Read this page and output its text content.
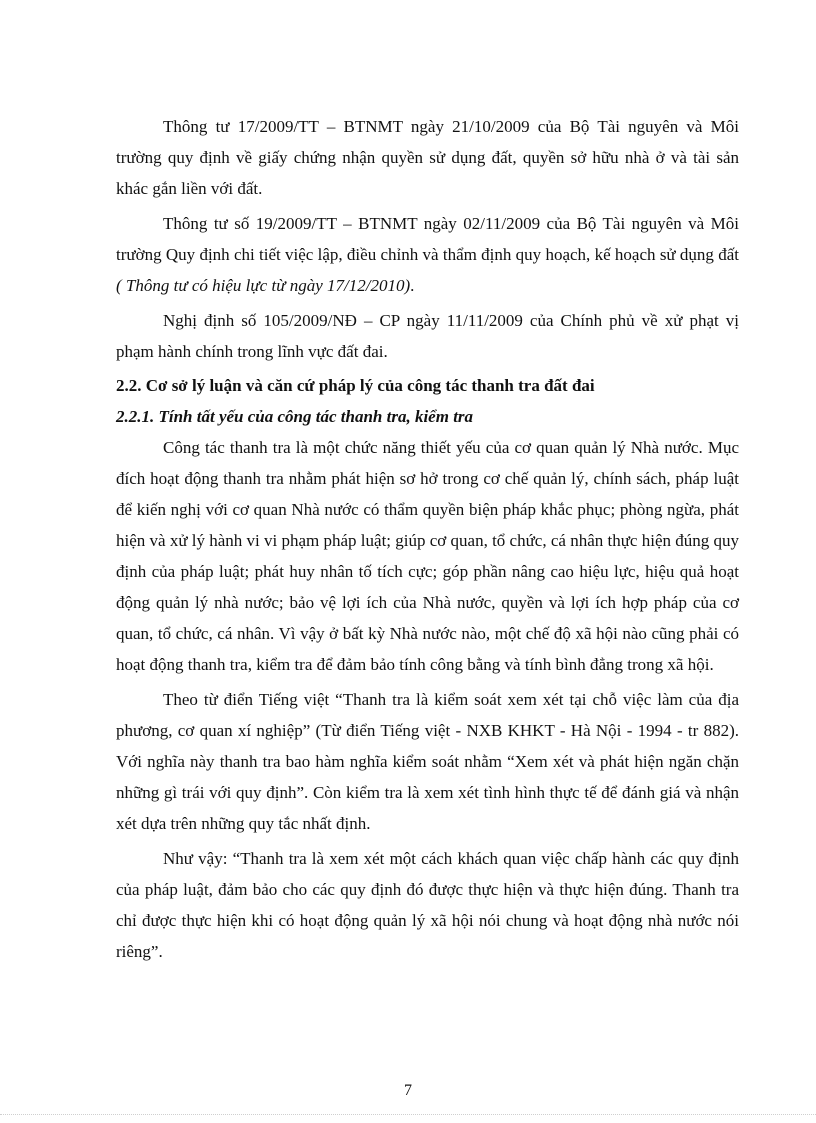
Thông tư 17/2009/TT – BTNMT ngày 21/10/2009 của Bộ Tài nguyên và Môi trường quy định về giấy chứng nhận quyền sử dụng đất, quyền sở hữu nhà ở và tài sản khác gắn liền với đất.

Thông tư số 19/2009/TT – BTNMT ngày 02/11/2009 của Bộ Tài nguyên và Môi trường Quy định chi tiết việc lập, điều chỉnh và thẩm định quy hoạch, kế hoạch sử dụng đất ( Thông tư có hiệu lực từ ngày 17/12/2010).

Nghị định số 105/2009/NĐ – CP ngày 11/11/2009 của Chính phủ về xử phạt vị phạm hành chính trong lĩnh vực đất đai.

2.2. Cơ sở lý luận và căn cứ pháp lý của công tác thanh tra đất đai

2.2.1. Tính tất yếu của công tác thanh tra, kiểm tra

Công tác thanh tra là một chức năng thiết yếu của cơ quan quản lý Nhà nước. Mục đích hoạt động thanh tra nhằm phát hiện sơ hở trong cơ chế quản lý, chính sách, pháp luật để kiến nghị với cơ quan Nhà nước có thẩm quyền biện pháp khắc phục; phòng ngừa, phát hiện và xử lý hành vi vi phạm pháp luật; giúp cơ quan, tổ chức, cá nhân thực hiện đúng quy định của pháp luật; phát huy nhân tố tích cực; góp phần nâng cao hiệu lực, hiệu quả hoạt động quản lý nhà nước; bảo vệ lợi ích của Nhà nước, quyền và lợi ích hợp pháp của cơ quan, tổ chức, cá nhân. Vì vậy ở bất kỳ Nhà nước nào, một chế độ xã hội nào cũng phải có hoạt động thanh tra, kiểm tra để đảm bảo tính công bằng và tính bình đẳng trong xã hội.

Theo từ điển Tiếng việt “Thanh tra là kiểm soát xem xét tại chỗ việc làm của địa phương, cơ quan xí nghiệp” (Từ điển Tiếng việt - NXB KHKT - Hà Nội - 1994 - tr 882). Với nghĩa này thanh tra bao hàm nghĩa kiểm soát nhằm “Xem xét và phát hiện ngăn chặn những gì trái với quy định”. Còn kiểm tra là xem xét tình hình thực tế để đánh giá và nhận xét dựa trên những quy tắc nhất định.

Như vậy: “Thanh tra là xem xét một cách khách quan việc chấp hành các quy định của pháp luật, đảm bảo cho các quy định đó được thực hiện và thực hiện đúng. Thanh tra chỉ được thực hiện khi có hoạt động quản lý xã hội nói chung và hoạt động nhà nước nói riêng”.

7
